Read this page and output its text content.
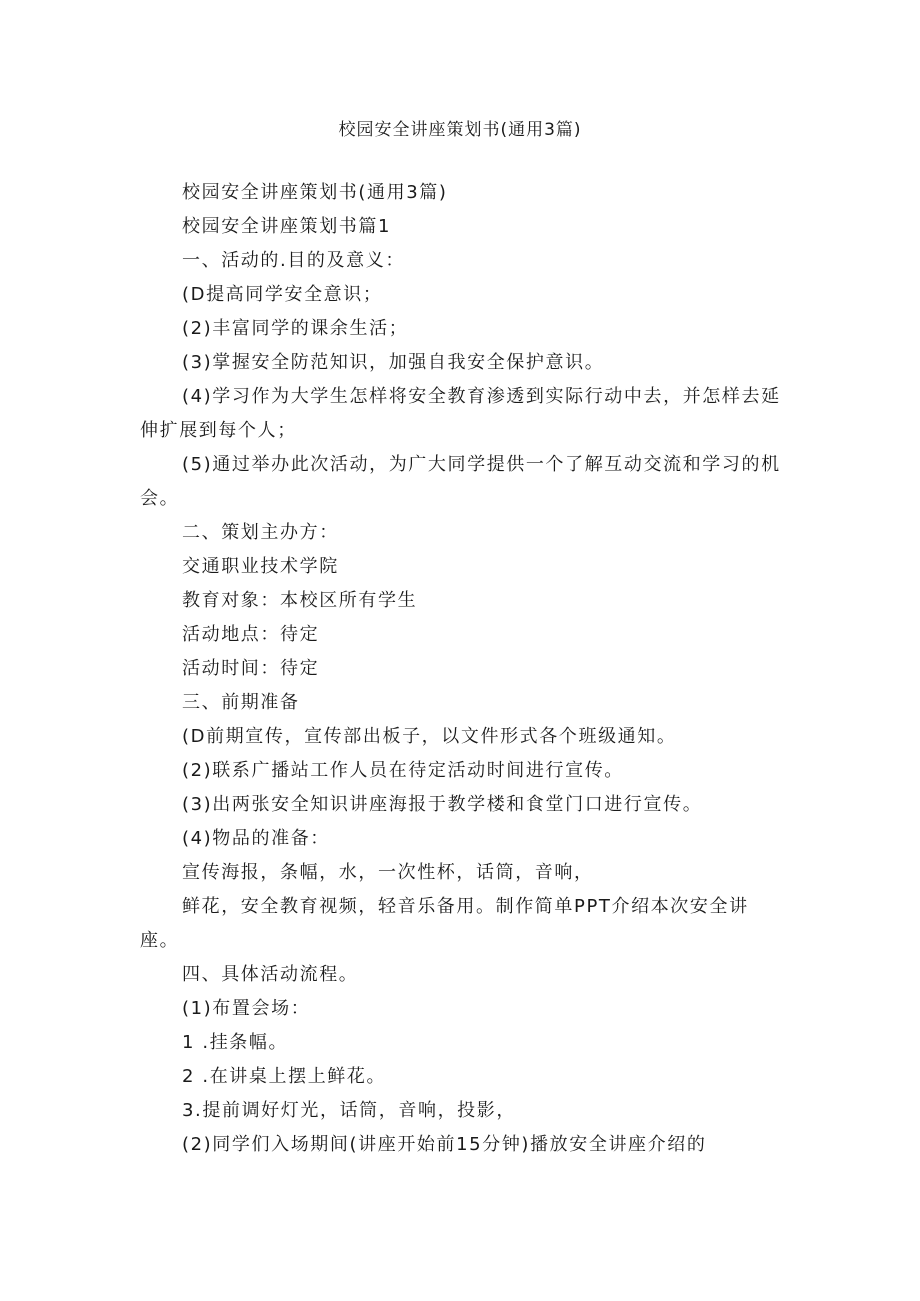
校园安全讲座策划书(通用3篇)

校园安全讲座策划书(通用3篇)

校园安全讲座策划书篇1

一、活动的.目的及意义：

(D提高同学安全意识；

(2)丰富同学的课余生活；

(3)掌握安全防范知识，加强自我安全保护意识。

(4)学习作为大学生怎样将安全教育渗透到实际行动中去，并怎样去延伸扩展到每个人；

(5)通过举办此次活动，为广大同学提供一个了解互动交流和学习的机会。

二、策划主办方：

交通职业技术学院

教育对象：本校区所有学生

活动地点：待定

活动时间：待定

三、前期准备

(D前期宣传，宣传部出板子，以文件形式各个班级通知。

(2)联系广播站工作人员在待定活动时间进行宣传。

(3)出两张安全知识讲座海报于教学楼和食堂门口进行宣传。

(4)物品的准备：

宣传海报，条幅，水，一次性杯，话筒，音响，

鲜花，安全教育视频，轻音乐备用。制作简单PPT介绍本次安全讲座。

四、具体活动流程。

(1)布置会场：

1 .挂条幅。

2 .在讲桌上摆上鲜花。

3.提前调好灯光，话筒，音响，投影，

(2)同学们入场期间(讲座开始前15分钟)播放安全讲座介绍的
